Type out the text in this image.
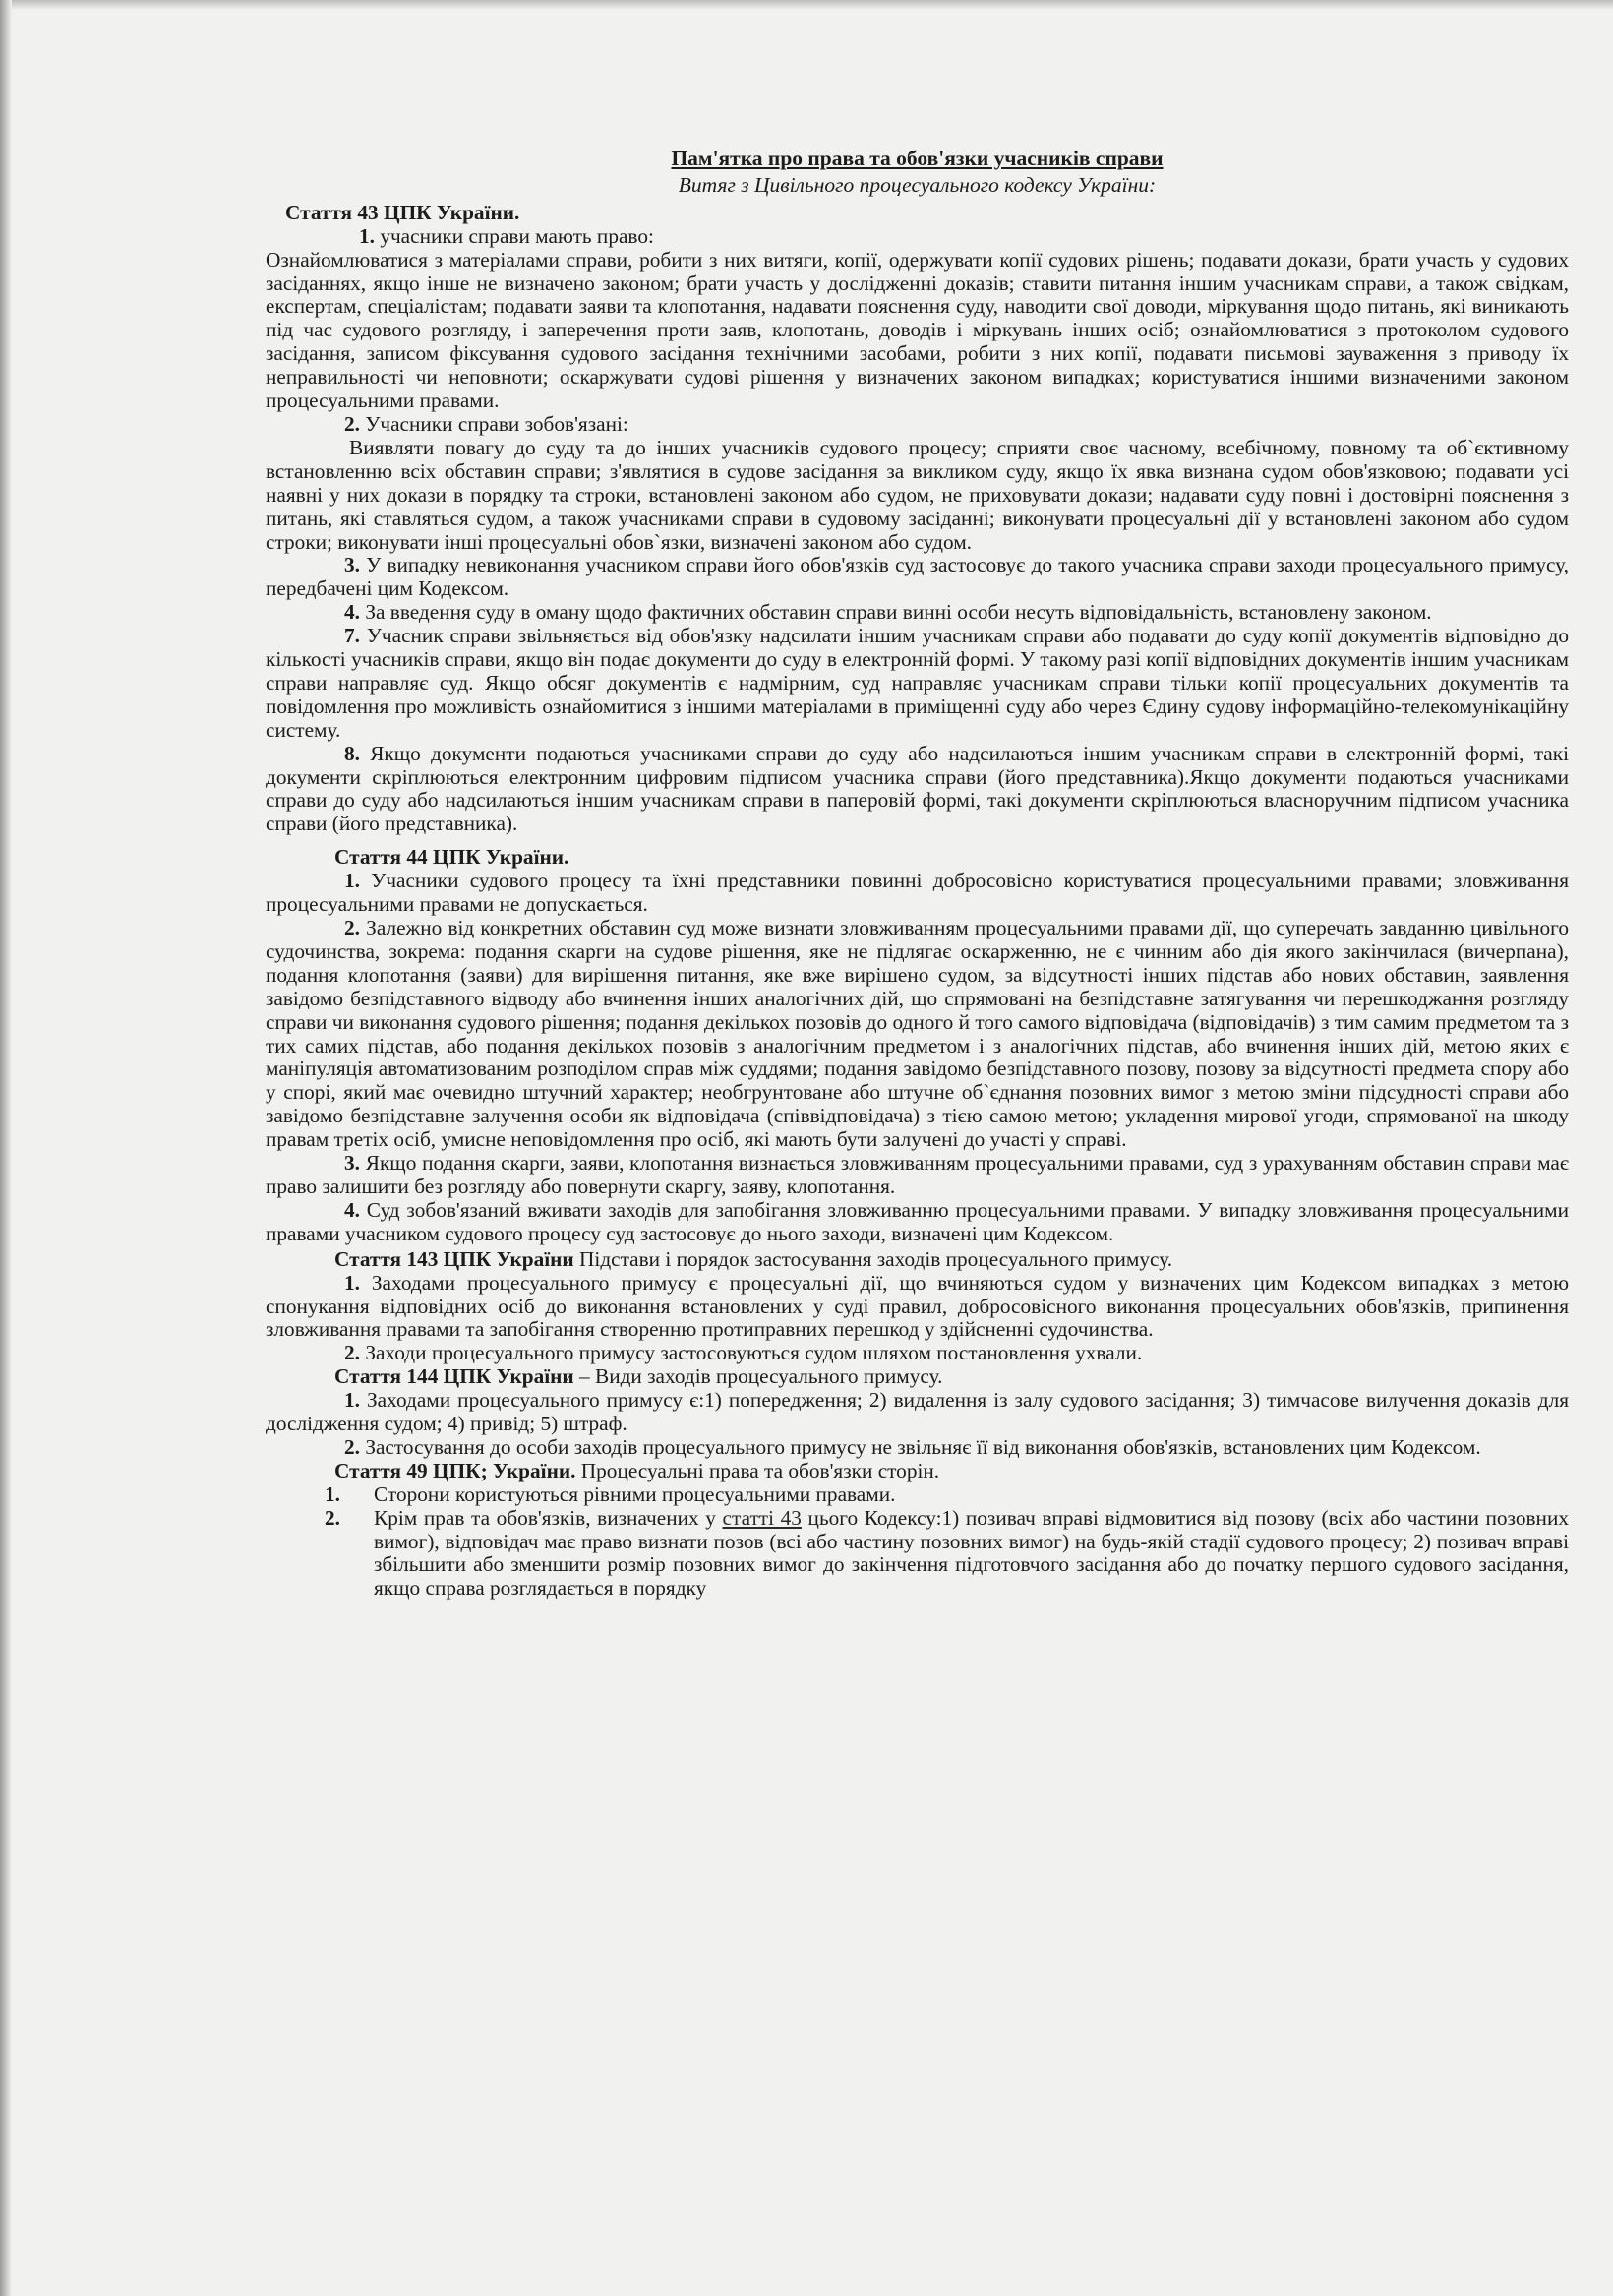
Пам'ятка про права та обов'язки учасників справи

Витяг з Цивільного процесуального кодексу України:

Стаття 43 ЦПК України.

1. учасники справи мають право:

Ознайомлюватися з матеріалами справи, робити з них витяги, копії, одержувати копії судових рішень; подавати докази, брати участь у судових засіданнях, якщо інше не визначено законом; брати участь у дослідженні доказів; ставити питання іншим учасникам справи, а також свідкам, експертам, спеціалістам; подавати заяви та клопотання, надавати пояснення суду, наводити свої доводи, міркування щодо питань, які виникають під час судового розгляду, і заперечення проти заяв, клопотань, доводів і міркувань інших осіб; ознайомлюватися з протоколом судового засідання, записом фіксування судового засідання технічними засобами, робити з них копії, подавати письмові зауваження з приводу їх неправильності чи неповноти; оскаржувати судові рішення у визначених законом випадках; користуватися іншими визначеними законом процесуальними правами.

2. Учасники справи зобов'язані:

Виявляти повагу до суду та до інших учасників судового процесу; сприяти своє часному, всебічному, повному та об`єктивному встановленню всіх обставин справи; з'являтися в судове засідання за викликом суду, якщо їх явка визнана судом обов'язковою; подавати усі наявні у них докази в порядку та строки, встановлені законом або судом, не приховувати докази; надавати суду повні і достовірні пояснення з питань, які ставляться судом, а також учасниками справи в судовому засіданні; виконувати процесуальні дії у встановлені законом або судом строки; виконувати інші процесуальні обов`язки, визначені законом або судом.

3. У випадку невиконання учасником справи його обов'язків суд застосовує до такого учасника справи заходи процесуального примусу, передбачені цим Кодексом.

4. За введення суду в оману щодо фактичних обставин справи винні особи несуть відповідальність, встановлену законом.

7. Учасник справи звільняється від обов'язку надсилати іншим учасникам справи або подавати до суду копії документів відповідно до кількості учасників справи, якщо він подає документи до суду в електронній формі. У такому разі копії відповідних документів іншим учасникам справи направляє суд. Якщо обсяг документів є надмірним, суд направляє учасникам справи тільки копії процесуальних документів та повідомлення про можливість ознайомитися з іншими матеріалами в приміщенні суду або через Єдину судову інформаційно-телекомунікаційну систему.

8. Якщо документи подаються учасниками справи до суду або надсилаються іншим учасникам справи в електронній формі, такі документи скріплюються електронним цифровим підписом учасника справи (його представника).Якщо документи подаються учасниками справи до суду або надсилаються іншим учасникам справи в паперовій формі, такі документи скріплюються власноручним підписом учасника справи (його представника).

Стаття 44 ЦПК України.

1. Учасники судового процесу та їхні представники повинні добросовісно користуватися процесуальними правами; зловживання процесуальними правами не допускається.

2. Залежно від конкретних обставин суд може визнати зловживанням процесуальними правами дії, що суперечать завданню цивільного судочинства, зокрема: подання скарги на судове рішення, яке не підлягає оскарженню, не є чинним або дія якого закінчилася (вичерпана), подання клопотання (заяви) для вирішення питання, яке вже вирішено судом, за відсутності інших підстав або нових обставин, заявлення завідомо безпідставного відводу або вчинення інших аналогічних дій, що спрямовані на безпідставне затягування чи перешкоджання розгляду справи чи виконання судового рішення; подання декількох позовів до одного й того самого відповідача (відповідачів) з тим самим предметом та з тих самих підстав, або подання декількох позовів з аналогічним предметом і з аналогічних підстав, або вчинення інших дій, метою яких є маніпуляція автоматизованим розподілом справ між суддями; подання завідомо безпідставного позову, позову за відсутності предмета спору або у спорі, який має очевидно штучний характер; необгрунтоване або штучне об`єднання позовних вимог з метою зміни підсудності справи або завідомо безпідставне залучення особи як відповідача (співвідповідача) з тією самою метою; укладення мирової угоди, спрямованої на шкоду правам третіх осіб, умисне неповідомлення про осіб, які мають бути залучені до участі у справі.

3. Якщо подання скарги, заяви, клопотання визнається зловживанням процесуальними правами, суд з урахуванням обставин справи має право залишити без розгляду або повернути скаргу, заяву, клопотання.

4. Суд зобов'язаний вживати заходів для запобігання зловживанню процесуальними правами. У випадку зловживання процесуальними правами учасником судового процесу суд застосовує до нього заходи, визначені цим Кодексом.

Стаття 143 ЦПК України Підстави і порядок застосування заходів процесуального примусу.

1. Заходами процесуального примусу є процесуальні дії, що вчиняються судом у визначених цим Кодексом випадках з метою спонукання відповідних осіб до виконання встановлених у суді правил, добросовісного виконання процесуальних обов'язків, припинення зловживання правами та запобігання створенню протиправних перешкод у здійсненні судочинства.

2. Заходи процесуального примусу застосовуються судом шляхом постановлення ухвали.

Стаття 144 ЦПК України – Види заходів процесуального примусу.

1. Заходами процесуального примусу є:1) попередження; 2) видалення із залу судового засідання; 3) тимчасове вилучення доказів для дослідження судом; 4) привід; 5) штраф.

2. Застосування до особи заходів процесуального примусу не звільняє її від виконання обов'язків, встановлених цим Кодексом.

Стаття 49 ЦПК; України. Процесуальні права та обов'язки сторін.

1.	Сторони користуються рівними процесуальними правами.
2.	Крім прав та обов'язків, визначених у статті 43 цього Кодексу:1) позивач вправі відмовитися від позову (всіх або частини позовних вимог), відповідач має право визнати позов (всі або частину позовних вимог) на будь-якій стадії судового процесу; 2) позивач вправі збільшити або зменшити розмір позовних вимог до закінчення підготовчого засідання або до початку першого судового засідання, якщо справа розглядається в порядку
